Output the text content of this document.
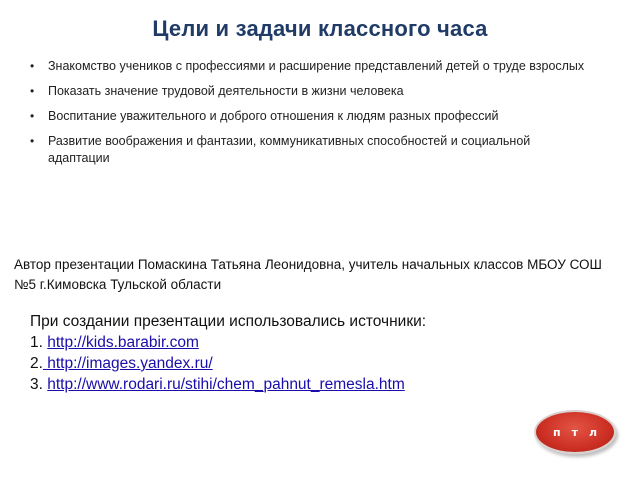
Цели и задачи классного часа
• Знакомство учеников с профессиями и расширение представлений детей о труде взрослых
• Показать значение трудовой деятельности в жизни человека
• Воспитание уважительного и доброго отношения к людям разных профессий
• Развитие воображения и фантазии, коммуникативных способностей и социальной адаптации
Автор презентации Помаскина Татьяна Леонидовна, учитель начальных классов МБОУ СОШ №5 г.Кимовска Тульской области
При создании презентации использовались источники:
1. http://kids.barabir.com
2. http://images.yandex.ru/
3. http://www.rodari.ru/stihi/chem_pahnut_remesla.htm
п т л
